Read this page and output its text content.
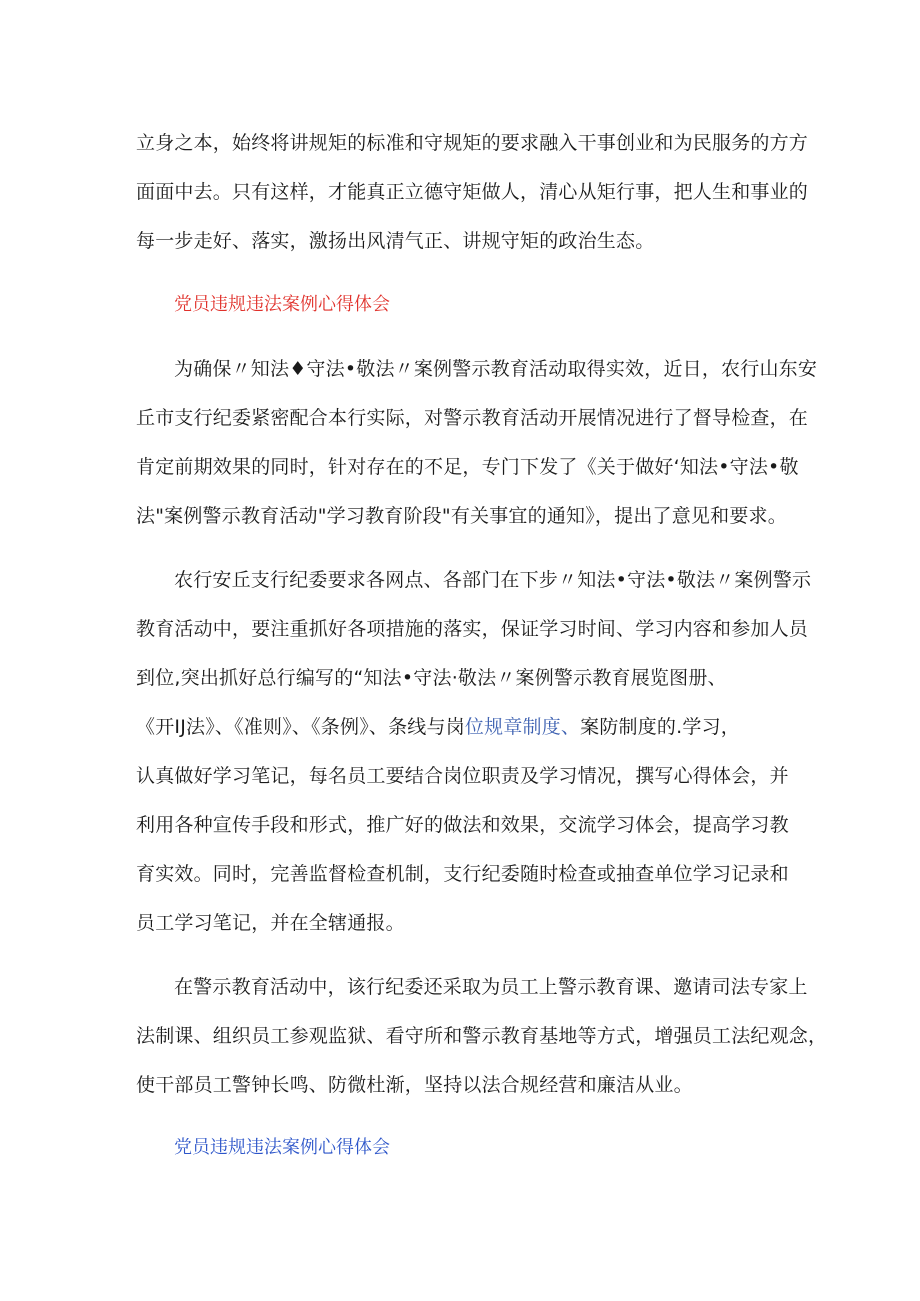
立身之本，始终将讲规矩的标准和守规矩的要求融入干事创业和为民服务的方方
面面中去。只有这样，才能真正立德守矩做人，清心从矩行事，把人生和事业的
每一步走好、落实，激扬出风清气正、讲规守矩的政治生态。
党员违规违法案例心得体会
为确保〃知法♦守法•敬法〃案例警示教育活动取得实效，近日，农行山东安
丘市支行纪委紧密配合本行实际，对警示教育活动开展情况进行了督导检查，在
肯定前期效果的同时，针对存在的不足，专门下发了《关于做好‘知法•守法•敬
法"案例警示教育活动"学习教育阶段"有关事宜的通知》，提出了意见和要求。
农行安丘支行纪委要求各网点、各部门在下步〃知法•守法•敬法〃案例警示
教育活动中，要注重抓好各项措施的落实，保证学习时间、学习内容和参加人员
到位,突出抓好总行编写的“知法•守法·敬法〃案例警示教育展览图册、
《开IJ法》、《准则》、《条例》、条线与岗位规章制度、案防制度的.学习，
认真做好学习笔记，每名员工要结合岗位职责及学习情况，撰写心得体会，并
利用各种宣传手段和形式，推广好的做法和效果，交流学习体会，提高学习教
育实效。同时，完善监督检查机制，支行纪委随时检查或抽查单位学习记录和
员工学习笔记，并在全辖通报。
在警示教育活动中，该行纪委还采取为员工上警示教育课、邀请司法专家上
法制课、组织员工参观监狱、看守所和警示教育基地等方式，增强员工法纪观念，
使干部员工警钟长鸣、防微杜渐，坚持以法合规经营和廉洁从业。
党员违规违法案例心得体会
